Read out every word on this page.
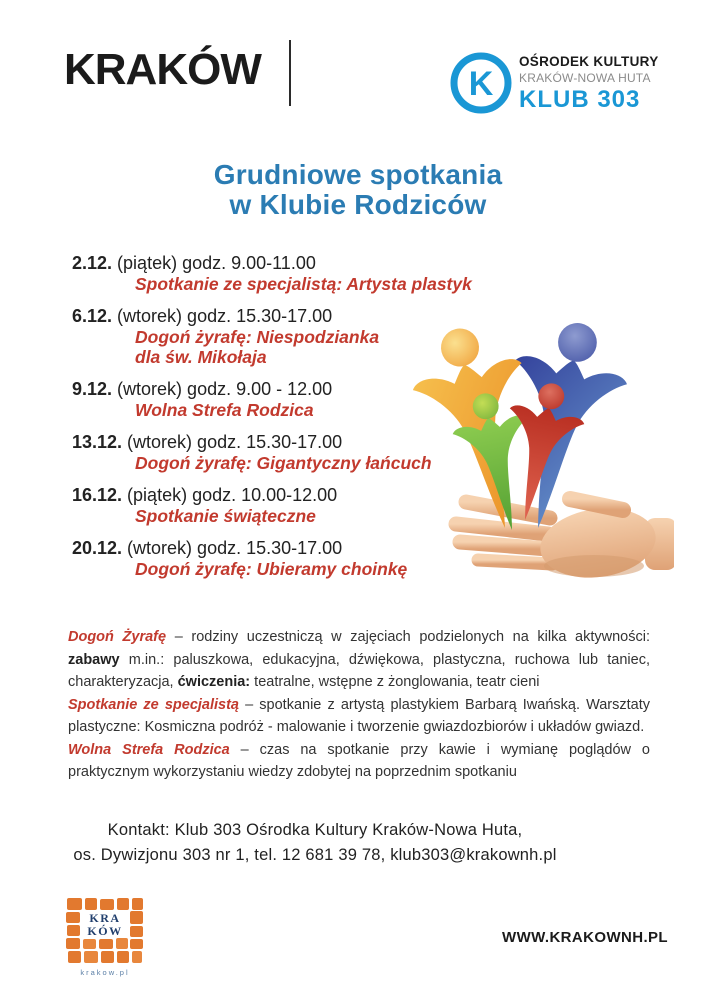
KRAKÓW	K
OŚRODEK KULTURY
KRAKÓW-NOWA HUTA
KLUB 303
Grudniowe spotkania
w Klubie Rodziców
2.12. (piątek) godz. 9.00-11.00
Spotkanie ze specjalistą: Artysta plastyk
6.12. (wtorek) godz. 15.30-17.00
Dogoń żyrafę: Niespodzianka
dla św. Mikołaja
9.12. (wtorek) godz. 9.00 - 12.00
Wolna Strefa Rodzica
13.12. (wtorek) godz. 15.30-17.00
Dogoń żyrafę: Gigantyczny łańcuch
16.12. (piątek) godz. 10.00-12.00
Spotkanie świąteczne
20.12. (wtorek) godz. 15.30-17.00
Dogoń żyrafę: Ubieramy choinkę

Dogoń Żyrafę – rodziny uczestniczą w zajęciach podzielonych na kilka aktywności: zabawy m.in.: paluszkowa, edukacyjna, dźwiękowa, plastyczna, ruchowa lub taniec, charakteryzacja, ćwiczenia: teatralne, wstępne z żonglowania, teatr cieni

Spotkanie ze specjalistą – spotkanie z artystą plastykiem Barbarą Iwańską. Warsztaty plastyczne: Kosmiczna podróż - malowanie i tworzenie gwiazdozbiorów i układów gwiazd.

Wolna Strefa Rodzica – czas na spotkanie przy kawie i wymianę poglądów o praktycznym wykorzystaniu wiedzy zdobytej na poprzednim spotkaniu

Kontakt: Klub 303 Ośrodka Kultury Kraków-Nowa Huta,
os. Dywizjonu 303 nr 1, tel. 12 681 39 78, klub303@krakownh.pl
KRA
KÓW
krakow.pl
WWW.KRAKOWNH.PL
